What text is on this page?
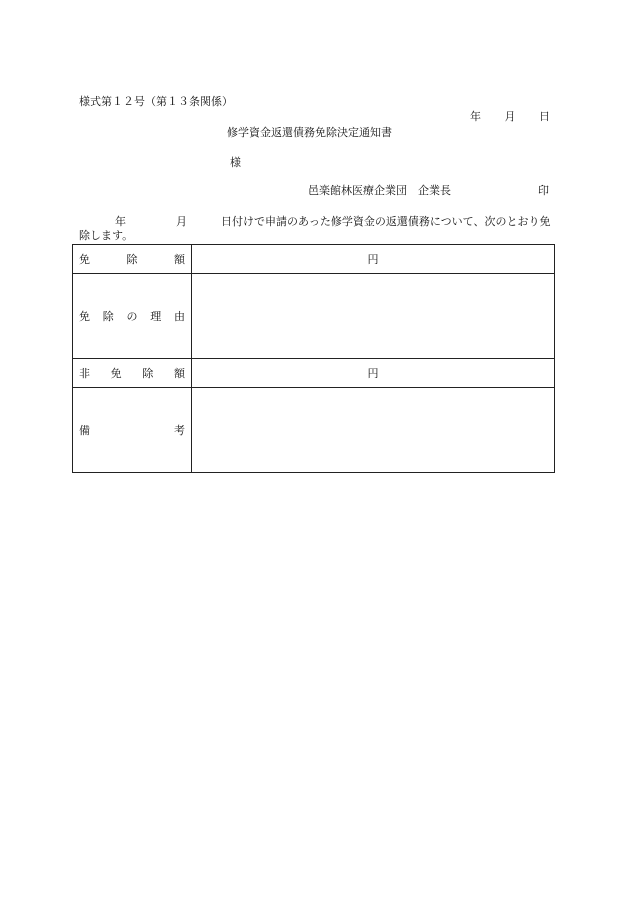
様式第１２号（第１３条関係）
年 月 日
修学資金返還債務免除決定通知書
様
邑楽館林医療企業団　企業長	印
年	月	日付けで申請のあった修学資金の返還債務について、次のとおり免除します。
免 除 額	円

免 除 の 理 由	

非 免 除 額	円

備 考	
